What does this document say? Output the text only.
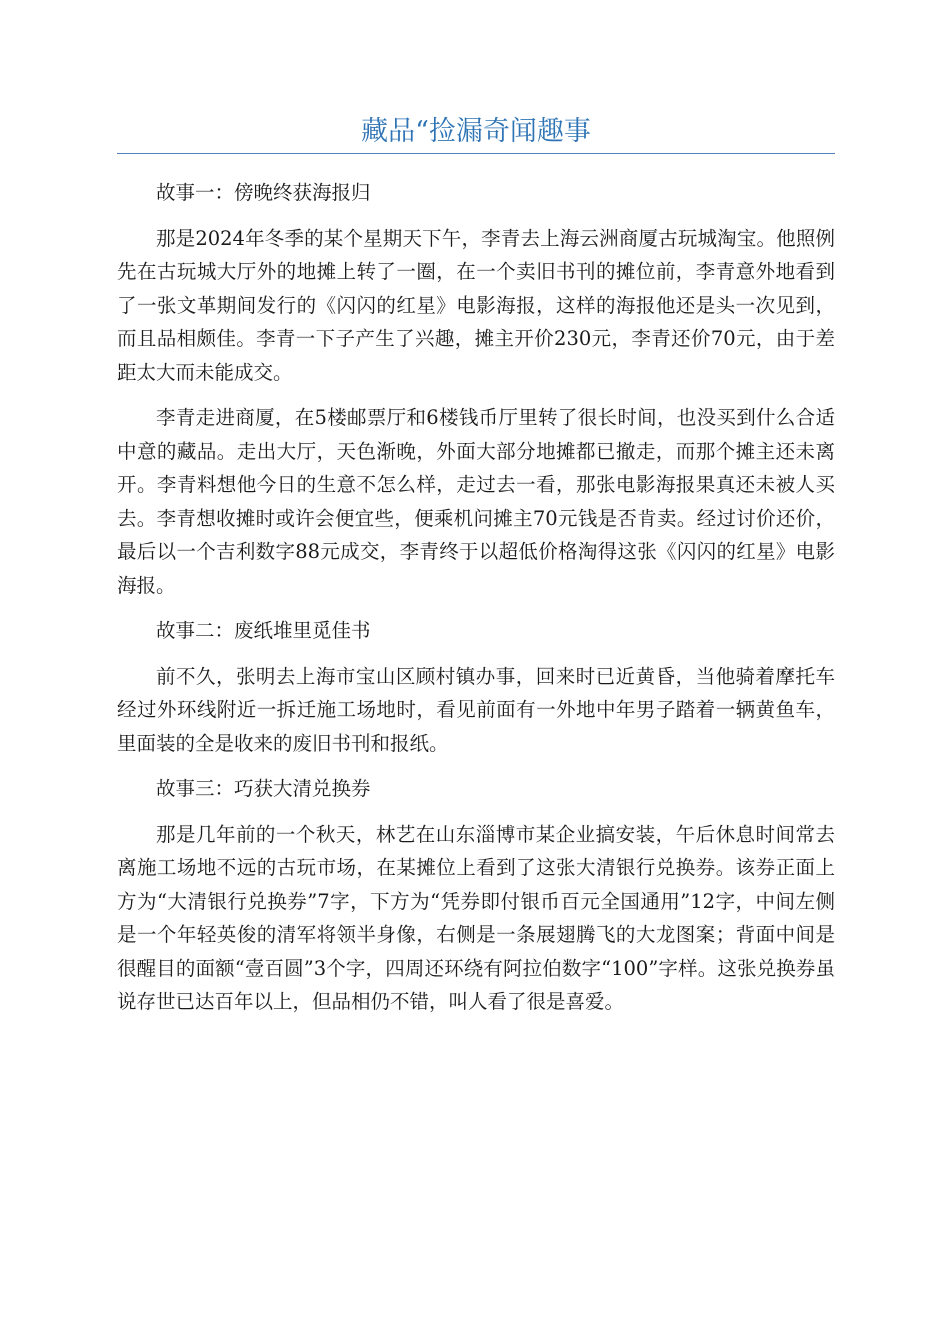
藏品“捡漏奇闻趣事

故事一：傍晚终获海报归

那是2024年冬季的某个星期天下午，李青去上海云洲商厦古玩城淘宝。他照例先在古玩城大厅外的地摊上转了一圈，在一个卖旧书刊的摊位前，李青意外地看到了一张文革期间发行的《闪闪的红星》电影海报，这样的海报他还是头一次见到，而且品相颇佳。李青一下子产生了兴趣，摊主开价230元，李青还价70元，由于差距太大而未能成交。

李青走进商厦，在5楼邮票厅和6楼钱币厅里转了很长时间，也没买到什么合适中意的藏品。走出大厅，天色渐晚，外面大部分地摊都已撤走，而那个摊主还未离开。李青料想他今日的生意不怎么样，走过去一看，那张电影海报果真还未被人买去。李青想收摊时或许会便宜些，便乘机问摊主70元钱是否肯卖。经过讨价还价，最后以一个吉利数字88元成交，李青终于以超低价格淘得这张《闪闪的红星》电影海报。

故事二：废纸堆里觅佳书

前不久，张明去上海市宝山区顾村镇办事，回来时已近黄昏，当他骑着摩托车经过外环线附近一拆迁施工场地时，看见前面有一外地中年男子踏着一辆黄鱼车，里面装的全是收来的废旧书刊和报纸。

故事三：巧获大清兑换券

那是几年前的一个秋天，林艺在山东淄博市某企业搞安装，午后休息时间常去离施工场地不远的古玩市场，在某摊位上看到了这张大清银行兑换券。该券正面上方为“大清银行兑换券”7字，下方为“凭券即付银币百元全国通用”12字，中间左侧是一个年轻英俊的清军将领半身像，右侧是一条展翅腾飞的大龙图案；背面中间是很醒目的面额“壹百圆”3个字，四周还环绕有阿拉伯数字“100”字样。这张兑换券虽说存世已达百年以上，但品相仍不错，叫人看了很是喜爱。
